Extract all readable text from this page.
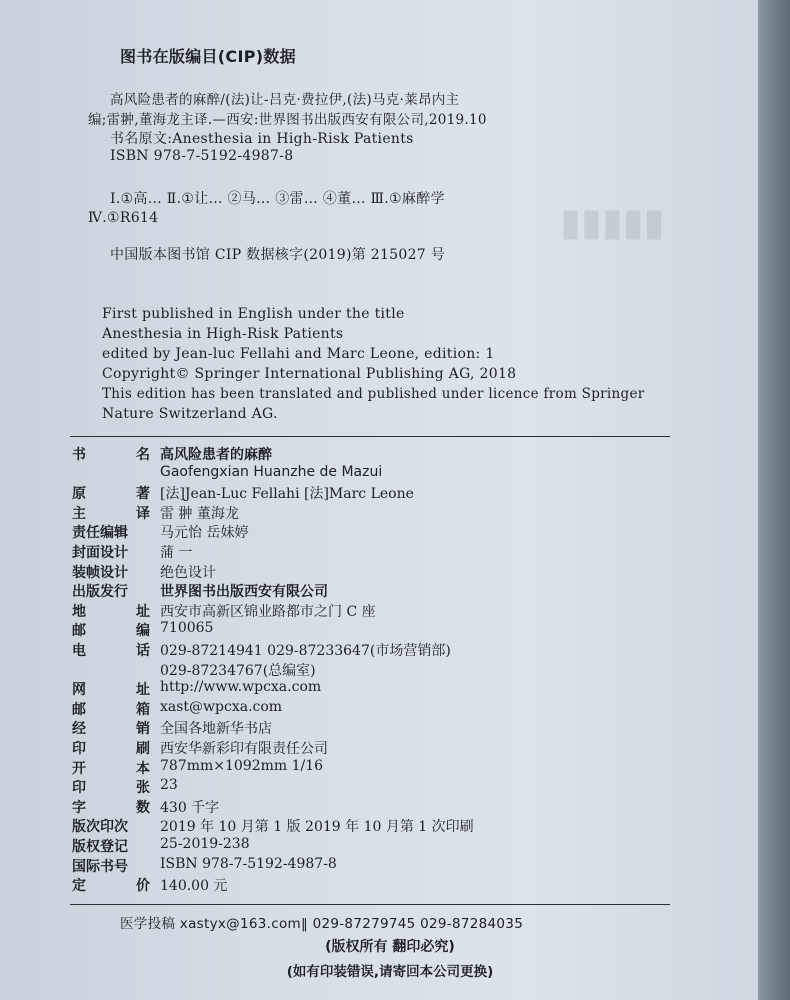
▮▮▮▮▮
图书在版编目(CIP)数据
高风险患者的麻醉/(法)让-吕克·费拉伊,(法)马克·莱昂内主
编;雷翀,董海龙主译.—西安:世界图书出版西安有限公司,2019.10
书名原文:Anesthesia in High-Risk Patients
ISBN 978-7-5192-4987-8
Ⅰ.①高… Ⅱ.①让… ②马… ③雷… ④董… Ⅲ.①麻醉学
Ⅳ.①R614
中国版本图书馆 CIP 数据核字(2019)第 215027 号
First published in English under the title
Anesthesia in High-Risk Patients
edited by Jean-luc Fellahi and Marc Leone, edition: 1
Copyright© Springer International Publishing AG, 2018
This edition has been translated and published under licence from Springer
Nature Switzerland AG.
书	名 高风险患者的麻醉
Gaofengxian Huanzhe de Mazui
原	著 [法]Jean-Luc Fellahi [法]Marc Leone
主	译 雷 翀 董海龙
责任编辑	马元怡 岳妹婷
封面设计	蒲 一
装帧设计	绝色设计
出版发行	世界图书出版西安有限公司
地	址 西安市高新区锦业路都市之门 C 座
邮	编 710065
电	话 029-87214941 029-87233647(市场营销部)
029-87234767(总编室)
网	址 http://www.wpcxa.com
邮	箱 xast@wpcxa.com
经	销 全国各地新华书店
印	刷 西安华新彩印有限责任公司
开	本 787mm×1092mm 1/16
印	张 23
字	数 430 千字
版次印次	2019 年 10 月第 1 版 2019 年 10 月第 1 次印刷
版权登记	25-2019-238
国际书号	ISBN 978-7-5192-4987-8
定	价 140.00 元
医学投稿 xastyx@163.com‖ 029-87279745 029-87284035
(版权所有 翻印必究)
(如有印装错误,请寄回本公司更换)
